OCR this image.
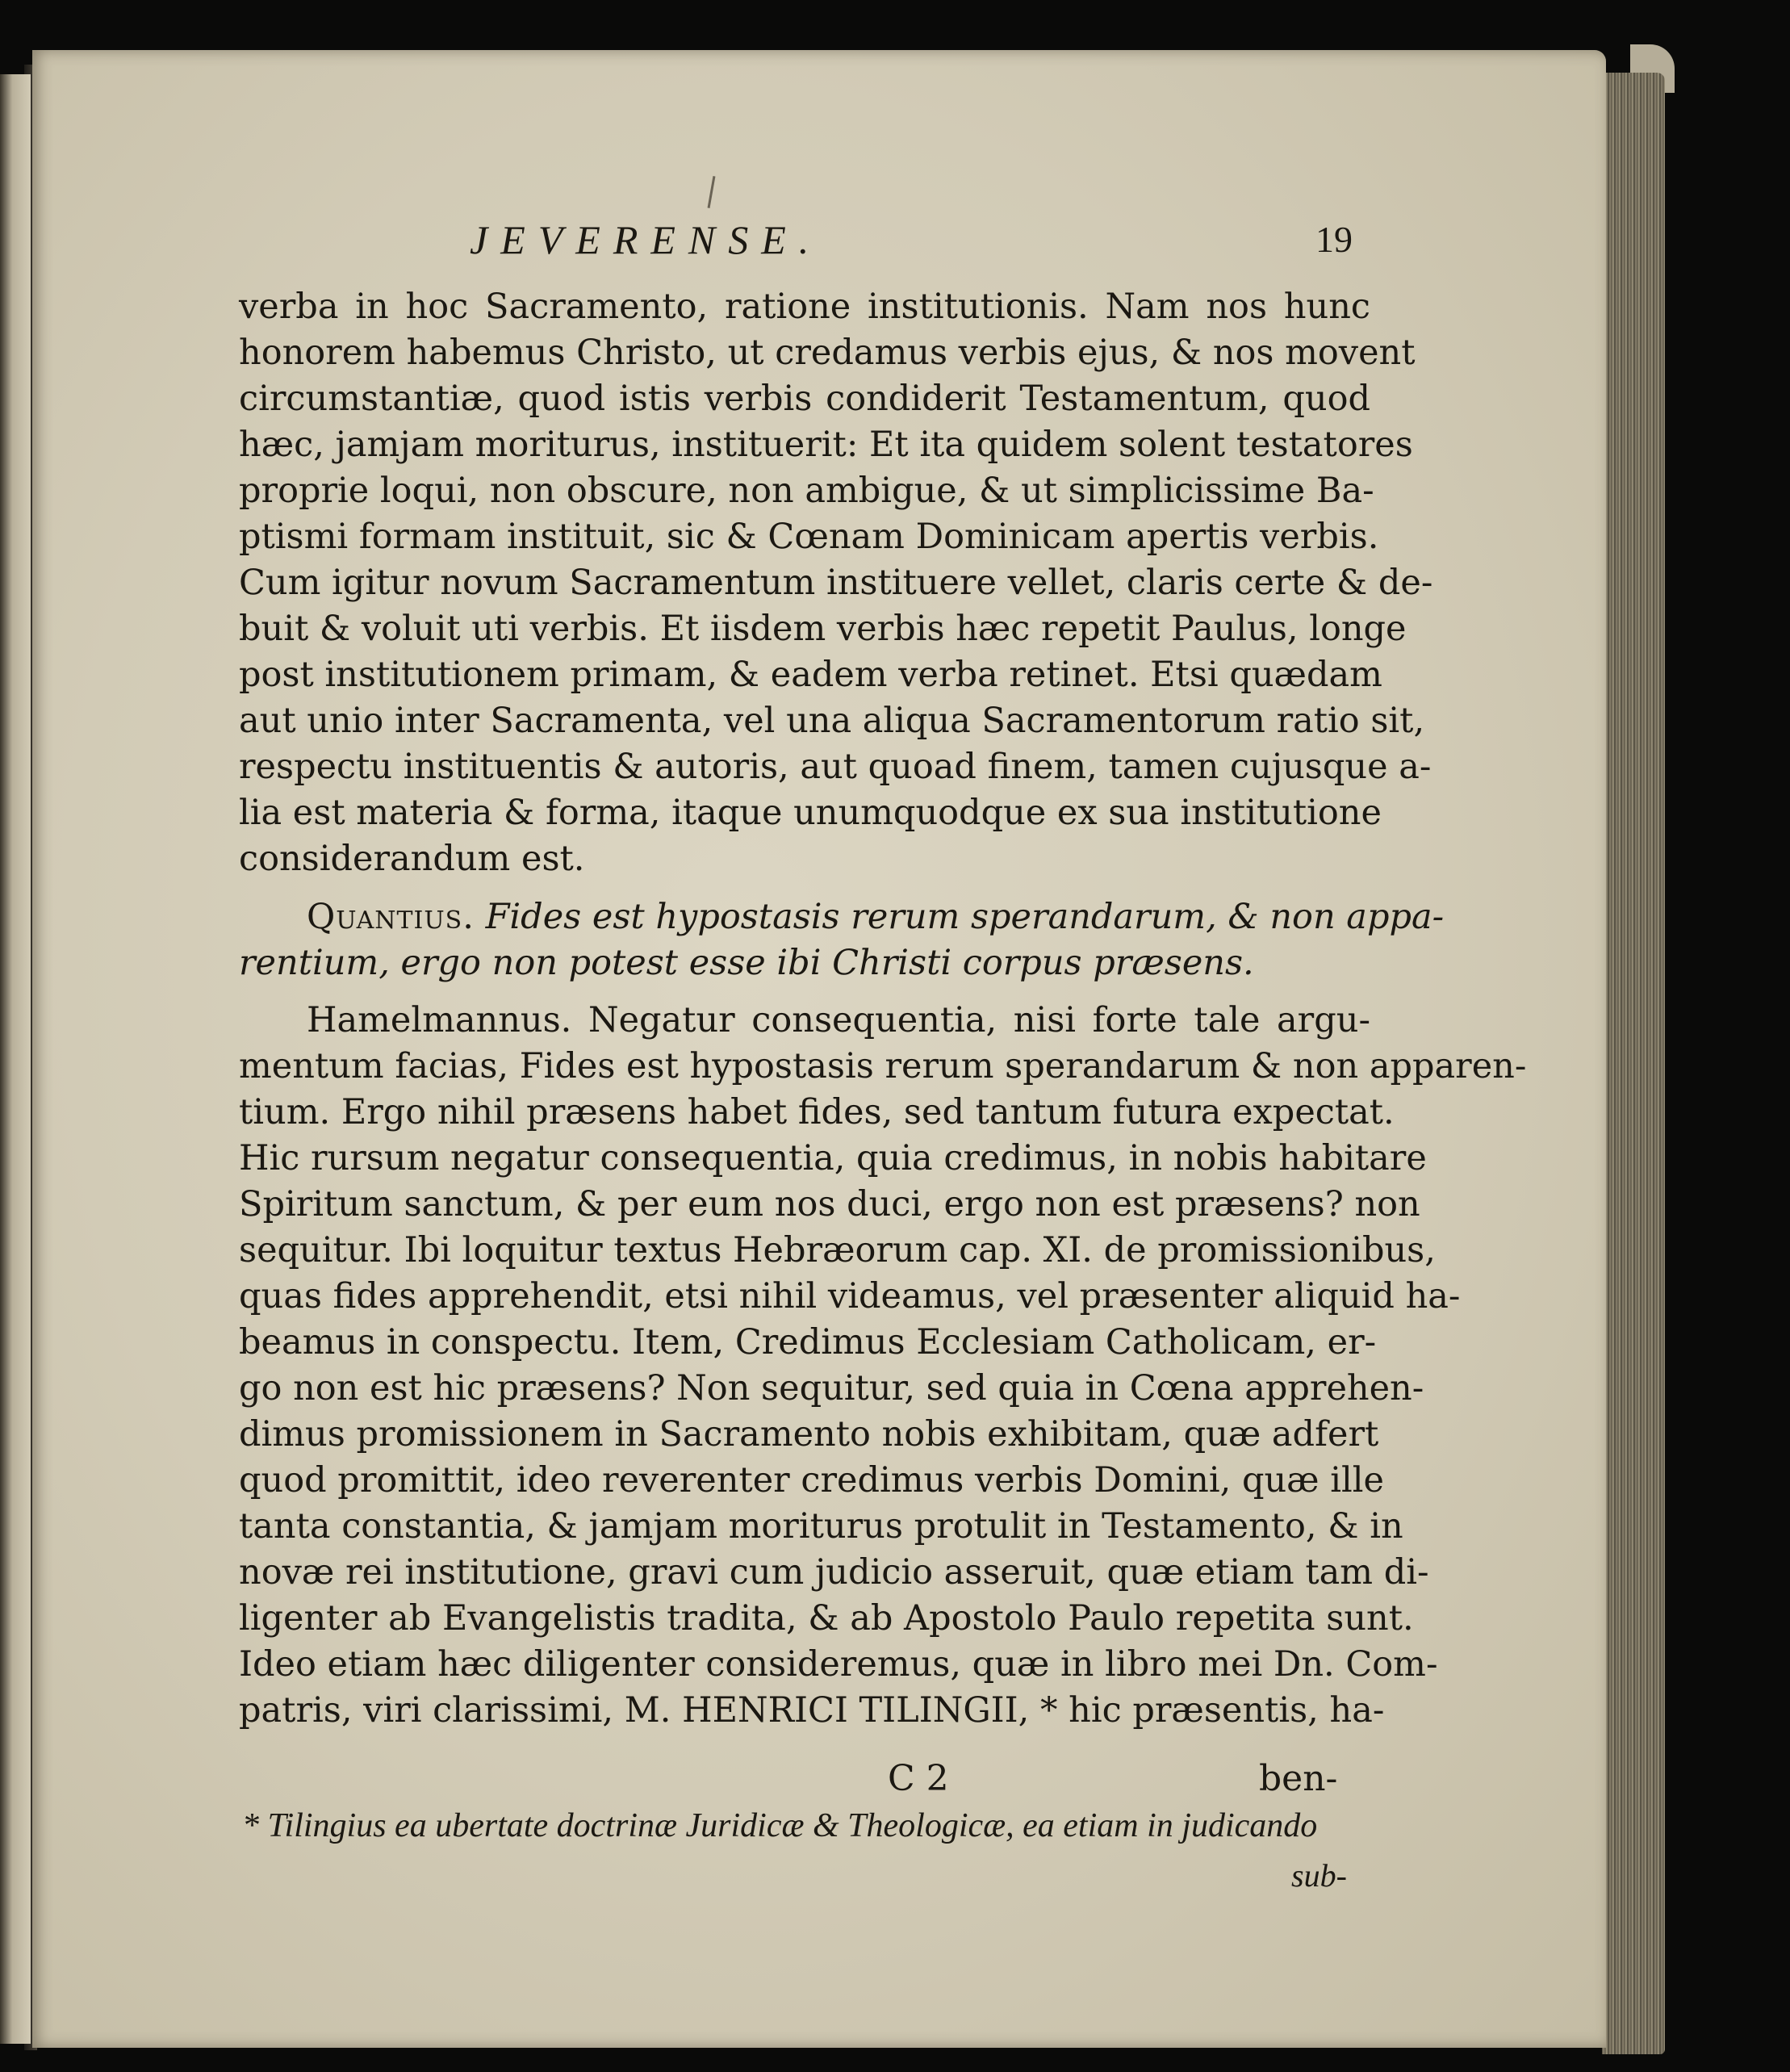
JEVERENSE.	19
verba in hoc Sacramento, ratione institutionis. Nam nos hunc
honorem habemus Christo, ut credamus verbis ejus, & nos movent
circumstantiæ, quod istis verbis condiderit Testamentum, quod
hæc, jamjam moriturus, instituerit: Et ita quidem solent testatores
proprie loqui, non obscure, non ambigue, & ut simplicissime Ba-
ptismi formam instituit, sic & Cœnam Dominicam apertis verbis.
Cum igitur novum Sacramentum instituere vellet, claris certe & de-
buit & voluit uti verbis. Et iisdem verbis hæc repetit Paulus, longe
post institutionem primam, & eadem verba retinet. Etsi quædam
aut unio inter Sacramenta, vel una aliqua Sacramentorum ratio sit,
respectu instituentis & autoris, aut quoad finem, tamen cujusque a-
lia est materia & forma, itaque unumquodque ex sua institutione
considerandum est.
Quantius. Fides est hypostasis rerum sperandarum, & non appa-
rentium, ergo non potest esse ibi Christi corpus præsens.
Hamelmannus. Negatur consequentia, nisi forte tale argu-
mentum facias, Fides est hypostasis rerum sperandarum & non apparen-
tium. Ergo nihil præsens habet fides, sed tantum futura expectat.
Hic rursum negatur consequentia, quia credimus, in nobis habitare
Spiritum sanctum, & per eum nos duci, ergo non est præsens? non
sequitur. Ibi loquitur textus Hebræorum cap. XI. de promissionibus,
quas fides apprehendit, etsi nihil videamus, vel præsenter aliquid ha-
beamus in conspectu. Item, Credimus Ecclesiam Catholicam, er-
go non est hic præsens? Non sequitur, sed quia in Cœna apprehen-
dimus promissionem in Sacramento nobis exhibitam, quæ adfert
quod promittit, ideo reverenter credimus verbis Domini, quæ ille
tanta constantia, & jamjam moriturus protulit in Testamento, & in
novæ rei institutione, gravi cum judicio asseruit, quæ etiam tam di-
ligenter ab Evangelistis tradita, & ab Apostolo Paulo repetita sunt.
Ideo etiam hæc diligenter consideremus, quæ in libro mei Dn. Com-
patris, viri clarissimi, M. HENRICI TILINGII, * hic præsentis, ha-
C 2	ben-
* Tilingius ea ubertate doctrinæ Juridicæ & Theologicæ, ea etiam in judicando
sub-
